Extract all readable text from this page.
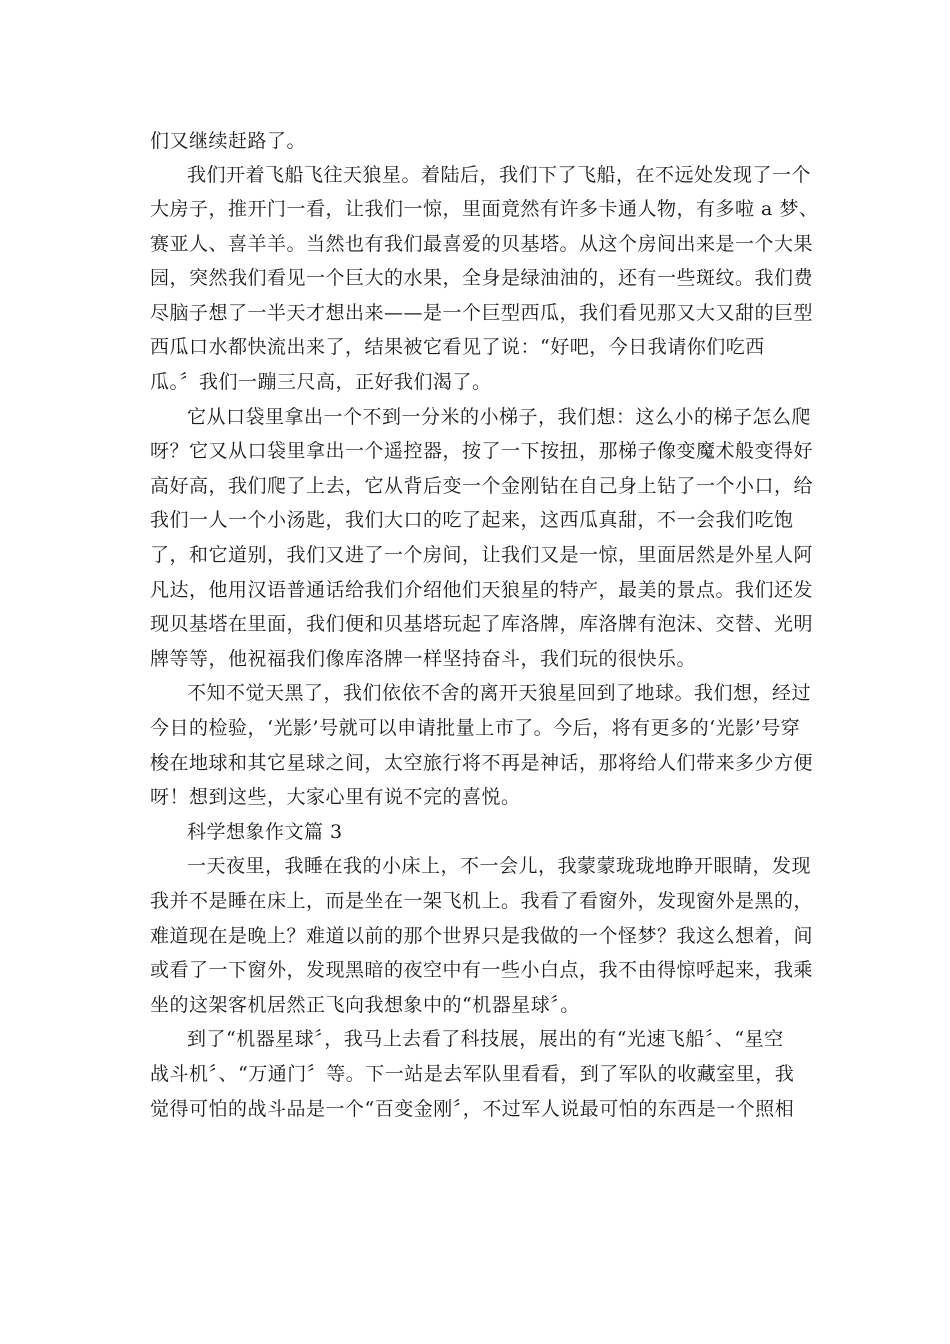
们又继续赶路了。
我们开着飞船飞往天狼星。着陆后，我们下了飞船，在不远处发现了一个
大房子，推开门一看，让我们一惊，里面竟然有许多卡通人物，有多啦 a 梦、
赛亚人、喜羊羊。当然也有我们最喜爱的贝基塔。从这个房间出来是一个大果
园，突然我们看见一个巨大的水果，全身是绿油油的，还有一些斑纹。我们费
尽脑子想了一半天才想出来——是一个巨型西瓜，我们看见那又大又甜的巨型
西瓜口水都快流出来了，结果被它看见了说：“好吧，今日我请你们吃西
瓜。〞我们一蹦三尺高，正好我们渴了。
它从口袋里拿出一个不到一分米的小梯子，我们想：这么小的梯子怎么爬
呀？它又从口袋里拿出一个遥控器，按了一下按扭，那梯子像变魔术般变得好
高好高，我们爬了上去，它从背后变一个金刚钻在自己身上钻了一个小口，给
我们一人一个小汤匙，我们大口的吃了起来，这西瓜真甜，不一会我们吃饱
了，和它道别，我们又进了一个房间，让我们又是一惊，里面居然是外星人阿
凡达，他用汉语普通话给我们介绍他们天狼星的特产，最美的景点。我们还发
现贝基塔在里面，我们便和贝基塔玩起了库洛牌，库洛牌有泡沫、交替、光明
牌等等，他祝福我们像库洛牌一样坚持奋斗，我们玩的很快乐。
不知不觉天黑了，我们依依不舍的离开天狼星回到了地球。我们想，经过
今日的检验，‘光影’号就可以申请批量上市了。今后，将有更多的‘光影’号穿
梭在地球和其它星球之间，太空旅行将不再是神话，那将给人们带来多少方便
呀！想到这些，大家心里有说不完的喜悦。
科学想象作文篇 3
一天夜里，我睡在我的小床上，不一会儿，我蒙蒙珑珑地睁开眼睛，发现
我并不是睡在床上，而是坐在一架飞机上。我看了看窗外，发现窗外是黑的，
难道现在是晚上？难道以前的那个世界只是我做的一个怪梦？我这么想着，间
或看了一下窗外，发现黑暗的夜空中有一些小白点，我不由得惊呼起来，我乘
坐的这架客机居然正飞向我想象中的“机器星球〞。
到了“机器星球〞，我马上去看了科技展，展出的有“光速飞船〞、“星空
战斗机〞、“万通门〞等。下一站是去军队里看看，到了军队的收藏室里，我
觉得可怕的战斗品是一个“百变金刚〞，不过军人说最可怕的东西是一个照相
